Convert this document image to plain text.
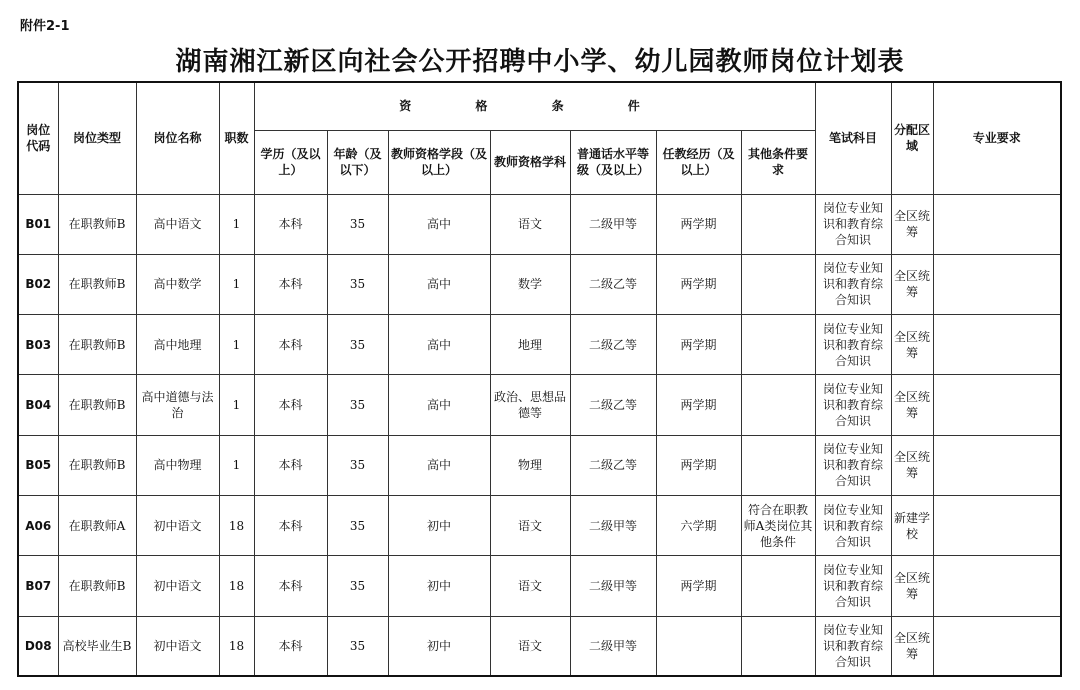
附件2-1
湖南湘江新区向社会公开招聘中小学、幼儿园教师岗位计划表
岗位代码	岗位类型	岗位名称	职数	资 格 条 件							笔试科目	分配区域	专业要求
				学历（及以上）	年龄（及以下）	教师资格学段（及以上）	教师资格学科	普通话水平等级（及以上）	任教经历（及以上）	其他条件要求			
B01	在职教师B	高中语文	1	本科	35	高中	语文	二级甲等	两学期		岗位专业知识和教育综合知识	全区统筹	
B02	在职教师B	高中数学	1	本科	35	高中	数学	二级乙等	两学期		岗位专业知识和教育综合知识	全区统筹	
B03	在职教师B	高中地理	1	本科	35	高中	地理	二级乙等	两学期		岗位专业知识和教育综合知识	全区统筹	
B04	在职教师B	高中道德与法治	1	本科	35	高中	政治、思想品德等	二级乙等	两学期		岗位专业知识和教育综合知识	全区统筹	
B05	在职教师B	高中物理	1	本科	35	高中	物理	二级乙等	两学期		岗位专业知识和教育综合知识	全区统筹	
A06	在职教师A	初中语文	18	本科	35	初中	语文	二级甲等	六学期	符合在职教师A类岗位其他条件	岗位专业知识和教育综合知识	新建学校	
B07	在职教师B	初中语文	18	本科	35	初中	语文	二级甲等	两学期		岗位专业知识和教育综合知识	全区统筹	
D08	高校毕业生B	初中语文	18	本科	35	初中	语文	二级甲等			岗位专业知识和教育综合知识	全区统筹	
